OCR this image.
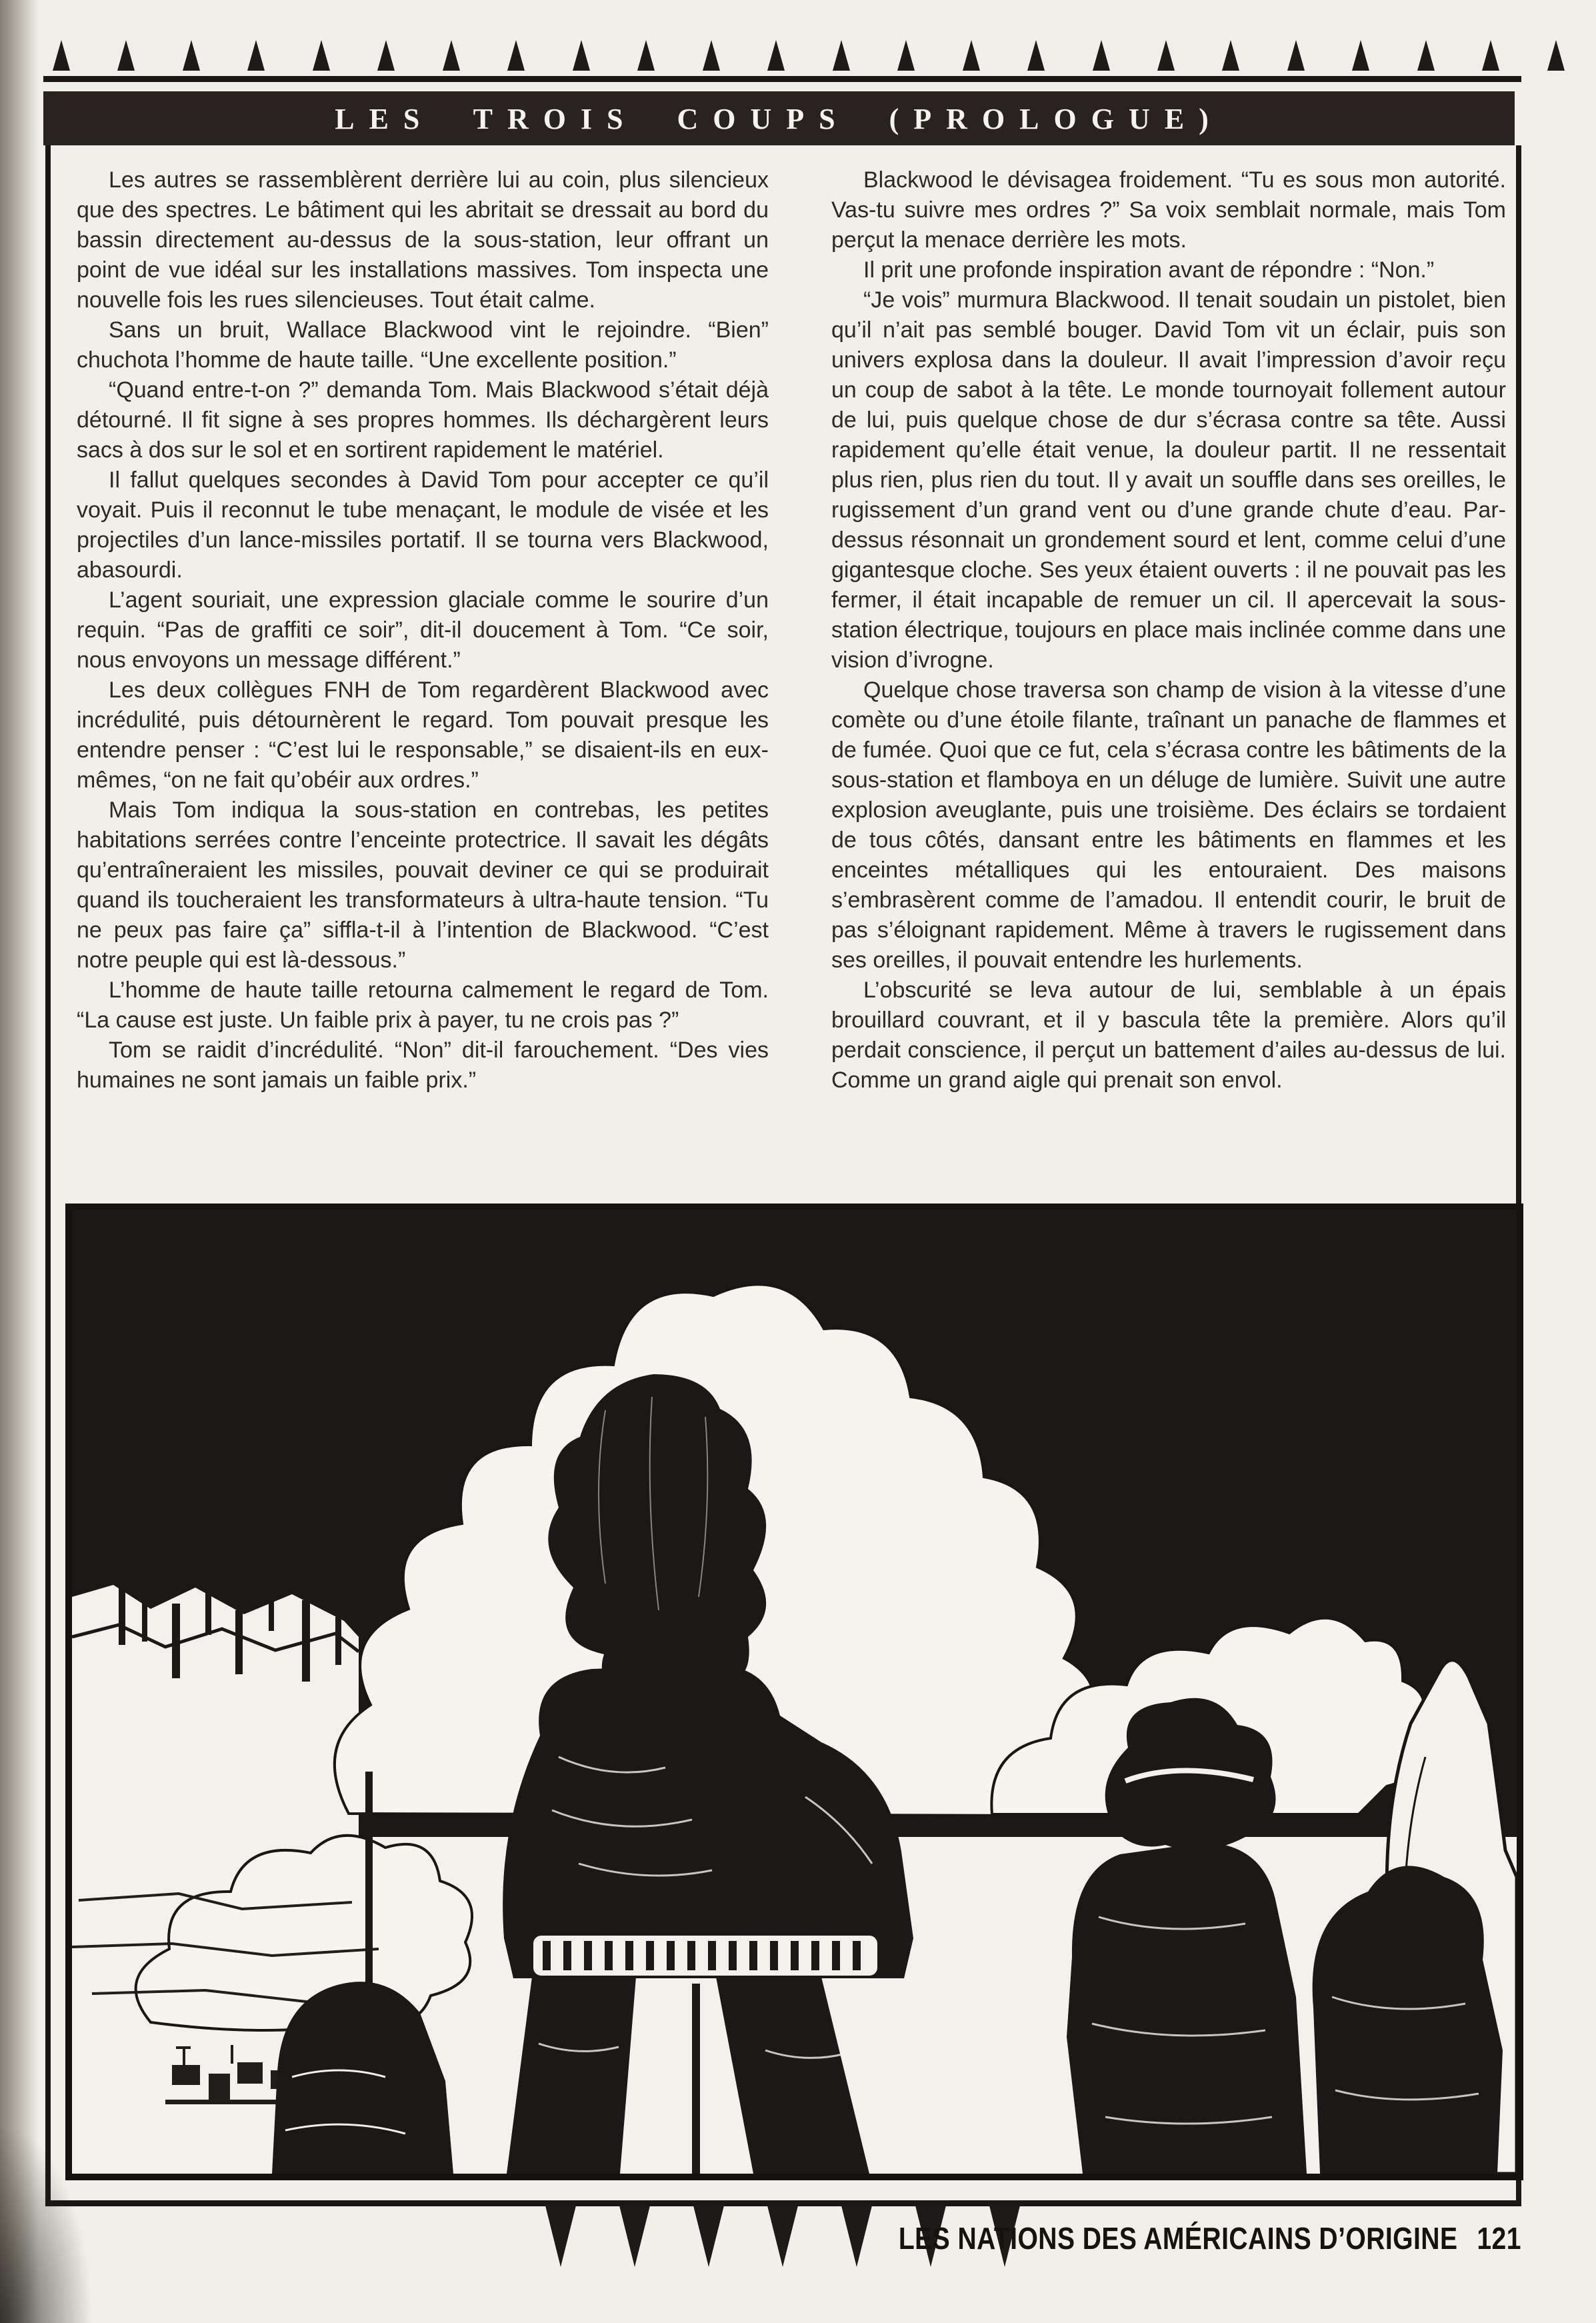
LES TROIS COUPS (PROLOGUE)

Les autres se rassemblèrent derrière lui au coin, plus silencieux que des spectres. Le bâtiment qui les abritait se dressait au bord du bassin directement au-dessus de la sous-station, leur offrant un point de vue idéal sur les installations massives. Tom inspecta une nouvelle fois les rues silencieuses. Tout était calme.

Sans un bruit, Wallace Blackwood vint le rejoindre. “Bien” chuchota l’homme de haute taille. “Une excellente position.”

“Quand entre-t-on ?” demanda Tom. Mais Blackwood s’était déjà détourné. Il fit signe à ses propres hommes. Ils déchargèrent leurs sacs à dos sur le sol et en sortirent rapidement le matériel.

Il fallut quelques secondes à David Tom pour accepter ce qu’il voyait. Puis il reconnut le tube menaçant, le module de visée et les projectiles d’un lance-missiles portatif. Il se tourna vers Blackwood, abasourdi.

L’agent souriait, une expression glaciale comme le sourire d’un requin. “Pas de graffiti ce soir”, dit-il doucement à Tom. “Ce soir, nous envoyons un message différent.”

Les deux collègues FNH de Tom regardèrent Blackwood avec incrédulité, puis détournèrent le regard. Tom pouvait presque les entendre penser : “C’est lui le responsable,” se disaient-ils en eux-mêmes, “on ne fait qu’obéir aux ordres.”

Mais Tom indiqua la sous-station en contrebas, les petites habitations serrées contre l’enceinte protectrice. Il savait les dégâts qu’entraîneraient les missiles, pouvait deviner ce qui se produirait quand ils toucheraient les transformateurs à ultra-haute tension. “Tu ne peux pas faire ça” siffla-t-il à l’intention de Blackwood. “C’est notre peuple qui est là-dessous.”

L’homme de haute taille retourna calmement le regard de Tom. “La cause est juste. Un faible prix à payer, tu ne crois pas ?”

Tom se raidit d’incrédulité. “Non” dit-il farouchement. “Des vies humaines ne sont jamais un faible prix.”

Blackwood le dévisagea froidement. “Tu es sous mon autorité. Vas-tu suivre mes ordres ?” Sa voix semblait normale, mais Tom perçut la menace derrière les mots.

Il prit une profonde inspiration avant de répondre : “Non.”

“Je vois” murmura Blackwood. Il tenait soudain un pistolet, bien qu’il n’ait pas semblé bouger. David Tom vit un éclair, puis son univers explosa dans la douleur. Il avait l’impression d’avoir reçu un coup de sabot à la tête. Le monde tournoyait follement autour de lui, puis quelque chose de dur s’écrasa contre sa tête. Aussi rapidement qu’elle était venue, la douleur partit. Il ne ressentait plus rien, plus rien du tout. Il y avait un souffle dans ses oreilles, le rugissement d’un grand vent ou d’une grande chute d’eau. Par-dessus résonnait un grondement sourd et lent, comme celui d’une gigantesque cloche. Ses yeux étaient ouverts : il ne pouvait pas les fermer, il était incapable de remuer un cil. Il apercevait la sous-station électrique, toujours en place mais inclinée comme dans une vision d’ivrogne.

Quelque chose traversa son champ de vision à la vitesse d’une comète ou d’une étoile filante, traînant un panache de flammes et de fumée. Quoi que ce fut, cela s’écrasa contre les bâtiments de la sous-station et flamboya en un déluge de lumière. Suivit une autre explosion aveuglante, puis une troisième. Des éclairs se tordaient de tous côtés, dansant entre les bâtiments en flammes et les enceintes métalliques qui les entouraient. Des maisons s’embrasèrent comme de l’amadou. Il entendit courir, le bruit de pas s’éloignant rapidement. Même à travers le rugissement dans ses oreilles, il pouvait entendre les hurlements.

L’obscurité se leva autour de lui, semblable à un épais brouillard couvrant, et il y bascula tête la première. Alors qu’il perdait conscience, il perçut un battement d’ailes au-dessus de lui. Comme un grand aigle qui prenait son envol.

LES NATIONS DES AMÉRICAINS D’ORIGINE 121
